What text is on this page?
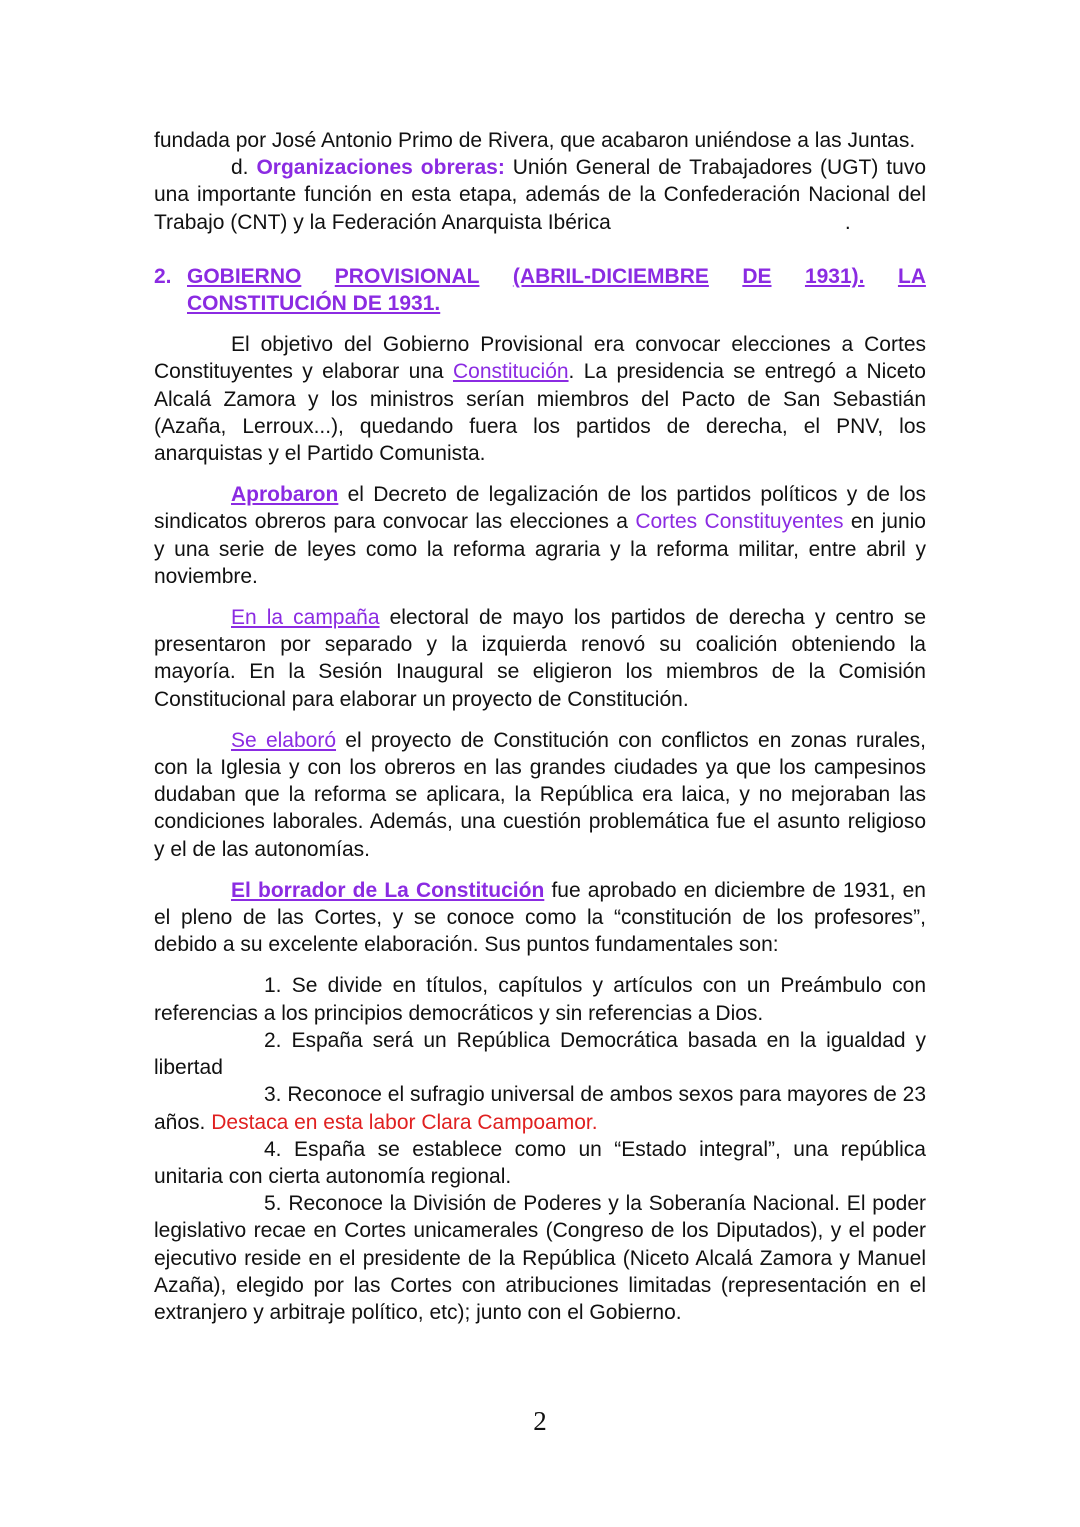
fundada por José Antonio Primo de Rivera, que acabaron uniéndose a las Juntas.

d. Organizaciones obreras: Unión General de Trabajadores (UGT) tuvo una importante función en esta etapa, además de la Confederación Nacional del Trabajo (CNT) y la Federación Anarquista Ibérica	.

2. GOBIERNO PROVISIONAL (ABRIL-DICIEMBRE DE 1931). LA
CONSTITUCIÓN DE 1931.

El objetivo del Gobierno Provisional era convocar elecciones a Cortes Constituyentes y elaborar una Constitución. La presidencia se entregó a Niceto Alcalá Zamora y los ministros serían miembros del Pacto de San Sebastián (Azaña, Lerroux...), quedando fuera los partidos de derecha, el PNV, los anarquistas y el Partido Comunista.

Aprobaron el Decreto de legalización de los partidos políticos y de los sindicatos obreros para convocar las elecciones a Cortes Constituyentes en junio y una serie de leyes como la reforma agraria y la reforma militar, entre abril y noviembre.

En la campaña electoral de mayo los partidos de derecha y centro se presentaron por separado y la izquierda renovó su coalición obteniendo la mayoría. En la Sesión Inaugural se eligieron los miembros de la Comisión Constitucional para elaborar un proyecto de Constitución.

Se elaboró el proyecto de Constitución con conflictos en zonas rurales, con la Iglesia y con los obreros en las grandes ciudades ya que los campesinos dudaban que la reforma se aplicara, la República era laica, y no mejoraban las condiciones laborales. Además, una cuestión problemática fue el asunto religioso y el de las autonomías.

El borrador de La Constitución fue aprobado en diciembre de 1931, en el pleno de las Cortes, y se conoce como la “constitución de los profesores”, debido a su excelente elaboración. Sus puntos fundamentales son:

1. Se divide en títulos, capítulos y artículos con un Preámbulo con referencias a los principios democráticos y sin referencias a Dios.

2. España será un República Democrática basada en la igualdad y libertad

3. Reconoce el sufragio universal de ambos sexos para mayores de 23 años. Destaca en esta labor Clara Campoamor.

4. España se establece como un “Estado integral”, una república unitaria con cierta autonomía regional.

5. Reconoce la División de Poderes y la Soberanía Nacional. El poder legislativo recae en Cortes unicamerales (Congreso de los Diputados), y el poder ejecutivo reside en el presidente de la República (Niceto Alcalá Zamora y Manuel Azaña), elegido por las Cortes con atribuciones limitadas (representación en el extranjero y arbitraje político, etc); junto con el Gobierno.

2
